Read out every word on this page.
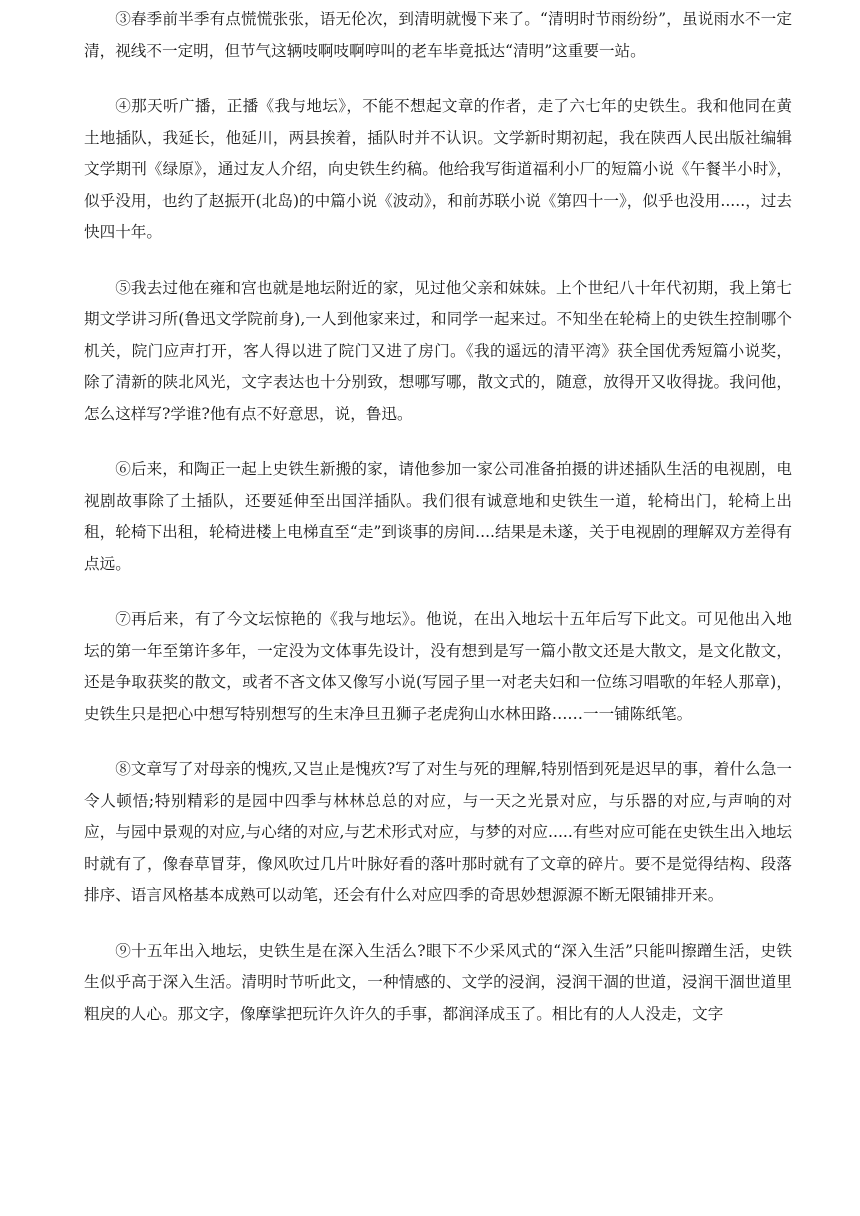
③春季前半季有点慌慌张张，语无伦次，到清明就慢下来了。“清明时节雨纷纷”，虽说雨水不一定清，视线不一定明，但节气这辆吱啊吱啊哼叫的老车毕竟抵达“清明”这重要一站。

④那天听广播，正播《我与地坛》，不能不想起文章的作者，走了六七年的史铁生。我和他同在黄土地插队，我延长，他延川，两县挨着，插队时并不认识。文学新时期初起，我在陕西人民出版社编辑文学期刊《绿原》，通过友人介绍，向史铁生约稿。他给我写街道福利小厂的短篇小说《午餐半小时》，似乎没用，也约了赵振开(北岛)的中篇小说《波动》，和前苏联小说《第四十一》，似乎也没用.....，过去快四十年。

⑤我去过他在雍和宫也就是地坛附近的家，见过他父亲和妹妹。上个世纪八十年代初期，我上第七期文学讲习所(鲁迅文学院前身),一人到他家来过，和同学一起来过。不知坐在轮椅上的史铁生控制哪个机关，院门应声打开，客人得以进了院门又进了房门。《我的遥远的清平湾》获全国优秀短篇小说奖，除了清新的陕北风光，文字表达也十分别致，想哪写哪，散文式的，随意，放得开又收得拢。我问他，怎么这样写?学谁?他有点不好意思，说，鲁迅。

⑥后来，和陶正一起上史铁生新搬的家，请他参加一家公司准备拍摄的讲述插队生活的电视剧，电视剧故事除了土插队，还要延伸至出国洋插队。我们很有诚意地和史铁生一道，轮椅出门，轮椅上出租，轮椅下出租，轮椅进楼上电梯直至“走”到谈事的房间....结果是未遂，关于电视剧的理解双方差得有点远。

⑦再后来，有了今文坛惊艳的《我与地坛》。他说，在出入地坛十五年后写下此文。可见他出入地坛的第一年至第许多年，一定没为文体事先设计，没有想到是写一篇小散文还是大散文，是文化散文，还是争取获奖的散文，或者不吝文体又像写小说(写园子里一对老夫妇和一位练习唱歌的年轻人那章)，史铁生只是把心中想写特别想写的生末净旦丑狮子老虎狗山水林田路……一一铺陈纸笔。

⑧文章写了对母亲的愧疚,又岂止是愧疚?写了对生与死的理解,特别悟到死是迟早的事，着什么急一令人顿悟;特别精彩的是园中四季与林林总总的对应，与一天之光景对应，与乐器的对应,与声响的对应，与园中景观的对应,与心绪的对应,与艺术形式对应，与梦的对应.....有些对应可能在史铁生出入地坛时就有了，像春草冒芽，像风吹过几片叶脉好看的落叶那时就有了文章的碎片。要不是觉得结构、段落排序、语言风格基本成熟可以动笔，还会有什么对应四季的奇思妙想源源不断无限铺排开来。

⑨十五年出入地坛，史铁生是在深入生活么?眼下不少采风式的“深入生活”只能叫擦蹭生活，史铁生似乎高于深入生活。清明时节听此文，一种情感的、文学的浸润，浸润干涸的世道，浸润干涸世道里粗戾的人心。那文字，像摩挲把玩许久许久的手事，都润泽成玉了。相比有的人人没走，文字
